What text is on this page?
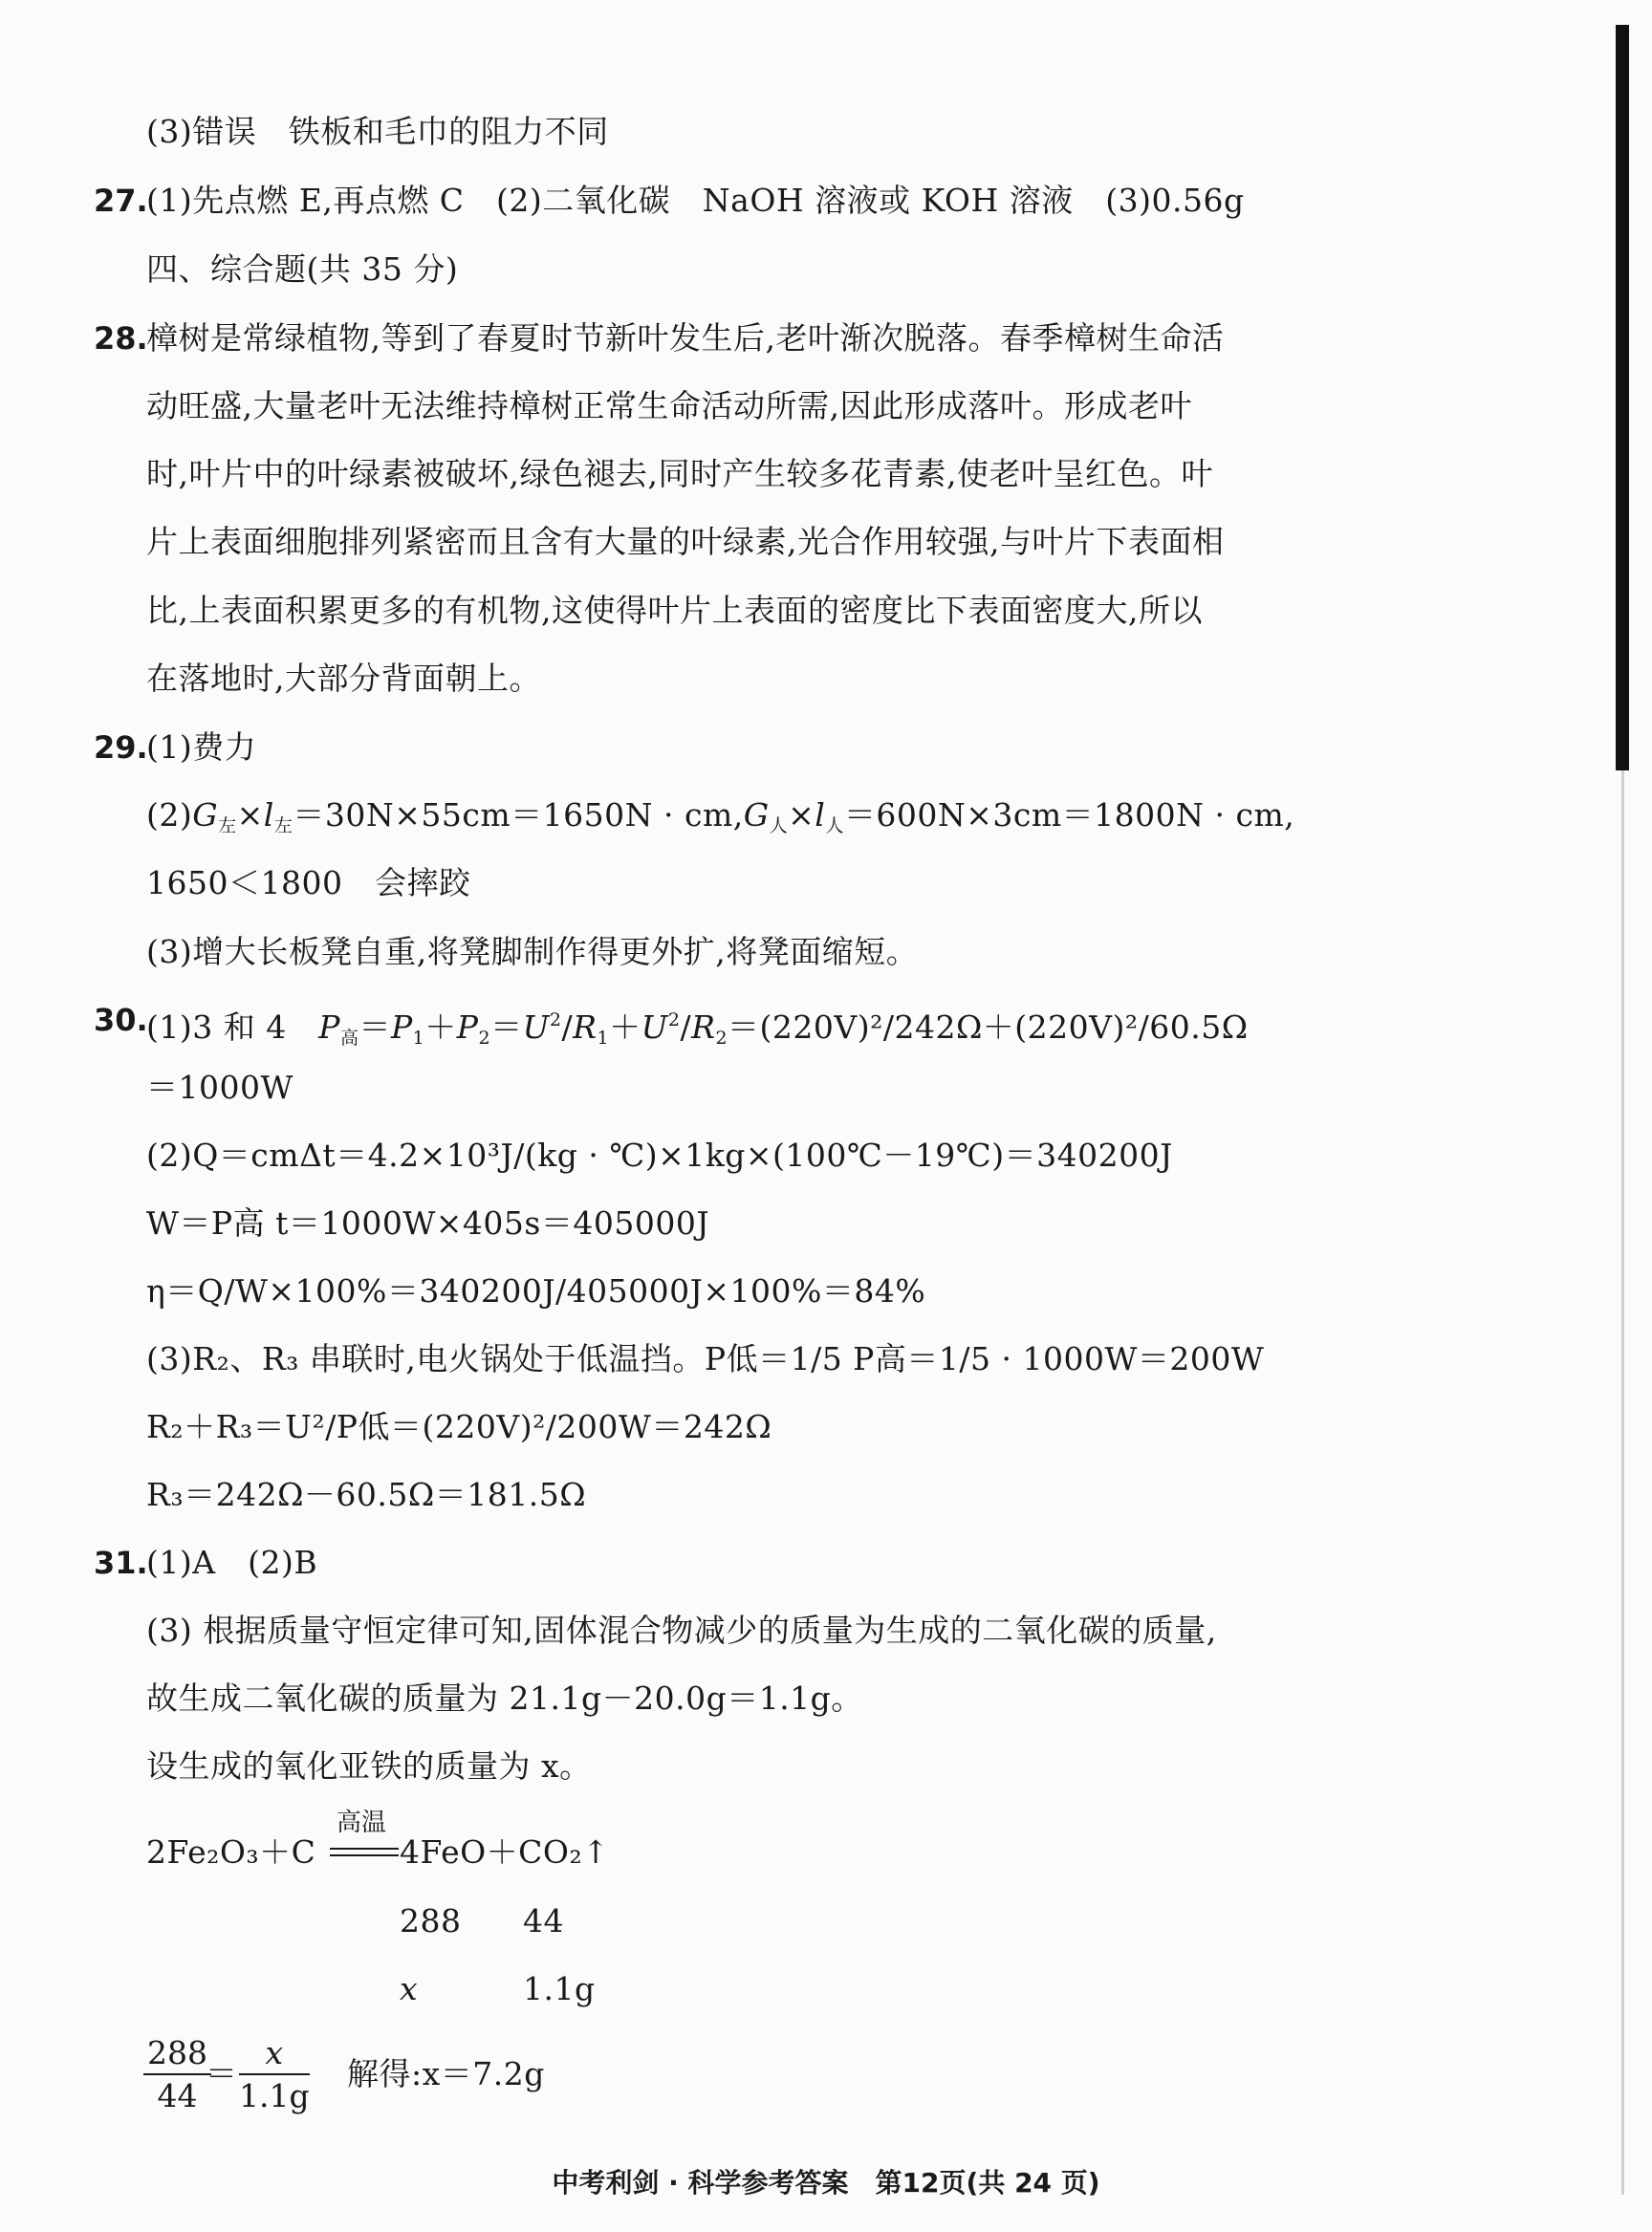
(3)错误　铁板和毛巾的阻力不同
27.
(1)先点燃 E,再点燃 C　(2)二氧化碳　NaOH 溶液或 KOH 溶液　(3)0.56g
四、综合题(共 35 分)
28.
樟树是常绿植物,等到了春夏时节新叶发生后,老叶渐次脱落。春季樟树生命活
动旺盛,大量老叶无法维持樟树正常生命活动所需,因此形成落叶。形成老叶
时,叶片中的叶绿素被破坏,绿色褪去,同时产生较多花青素,使老叶呈红色。叶
片上表面细胞排列紧密而且含有大量的叶绿素,光合作用较强,与叶片下表面相
比,上表面积累更多的有机物,这使得叶片上表面的密度比下表面密度大,所以
在落地时,大部分背面朝上。
29.
(1)费力
$(2)G_左\times l_左=30N\times 55cm=1650N \cdot cm,G_人\times l_人=600N\times 3cm=1800N$ · cm,
1650＜1800　会摔跤
(3)增大长板凳自重,将凳脚制作得更外扩,将凳面缩短。
30.
(1)3 和 4　$P_高=P_1+P_2=U^2/R_1+U^2/R_2=(220V)^2/242\Omega+(220V)^2/60.5\Omega$
＝1000W
(2)Q＝cmΔt＝4.2×10³J/(kg · ℃)×1kg×(100℃－19℃)＝340200J
W＝P高 t＝1000W×405s＝405000J
η＝Q/W×100%＝340200J/405000J×100%＝84%
(3)R₂、R₃ 串联时,电火锅处于低温挡。P低＝1/5 P高＝1/5 · 1000W＝200W
R₂＋R₃＝U²/P低＝(220V)²/200W＝242Ω
R₃＝242Ω－60.5Ω＝181.5Ω
31.
(1)A　(2)B
(3) 根据质量守恒定律可知,固体混合物减少的质量为生成的二氧化碳的质量,
故生成二氧化碳的质量为 21.1g－20.0g＝1.1g。
设生成的氧化亚铁的质量为 x。
2Fe₂O₃＋C
高温
4FeO＋CO₂↑
288 44
x	1.1g
$\frac{288}{44}$
＝ $\frac{x}{1.1g}$ 解得:x＝7.2g
中考利剑 · 科学参考答案　第12页(共 24 页)
